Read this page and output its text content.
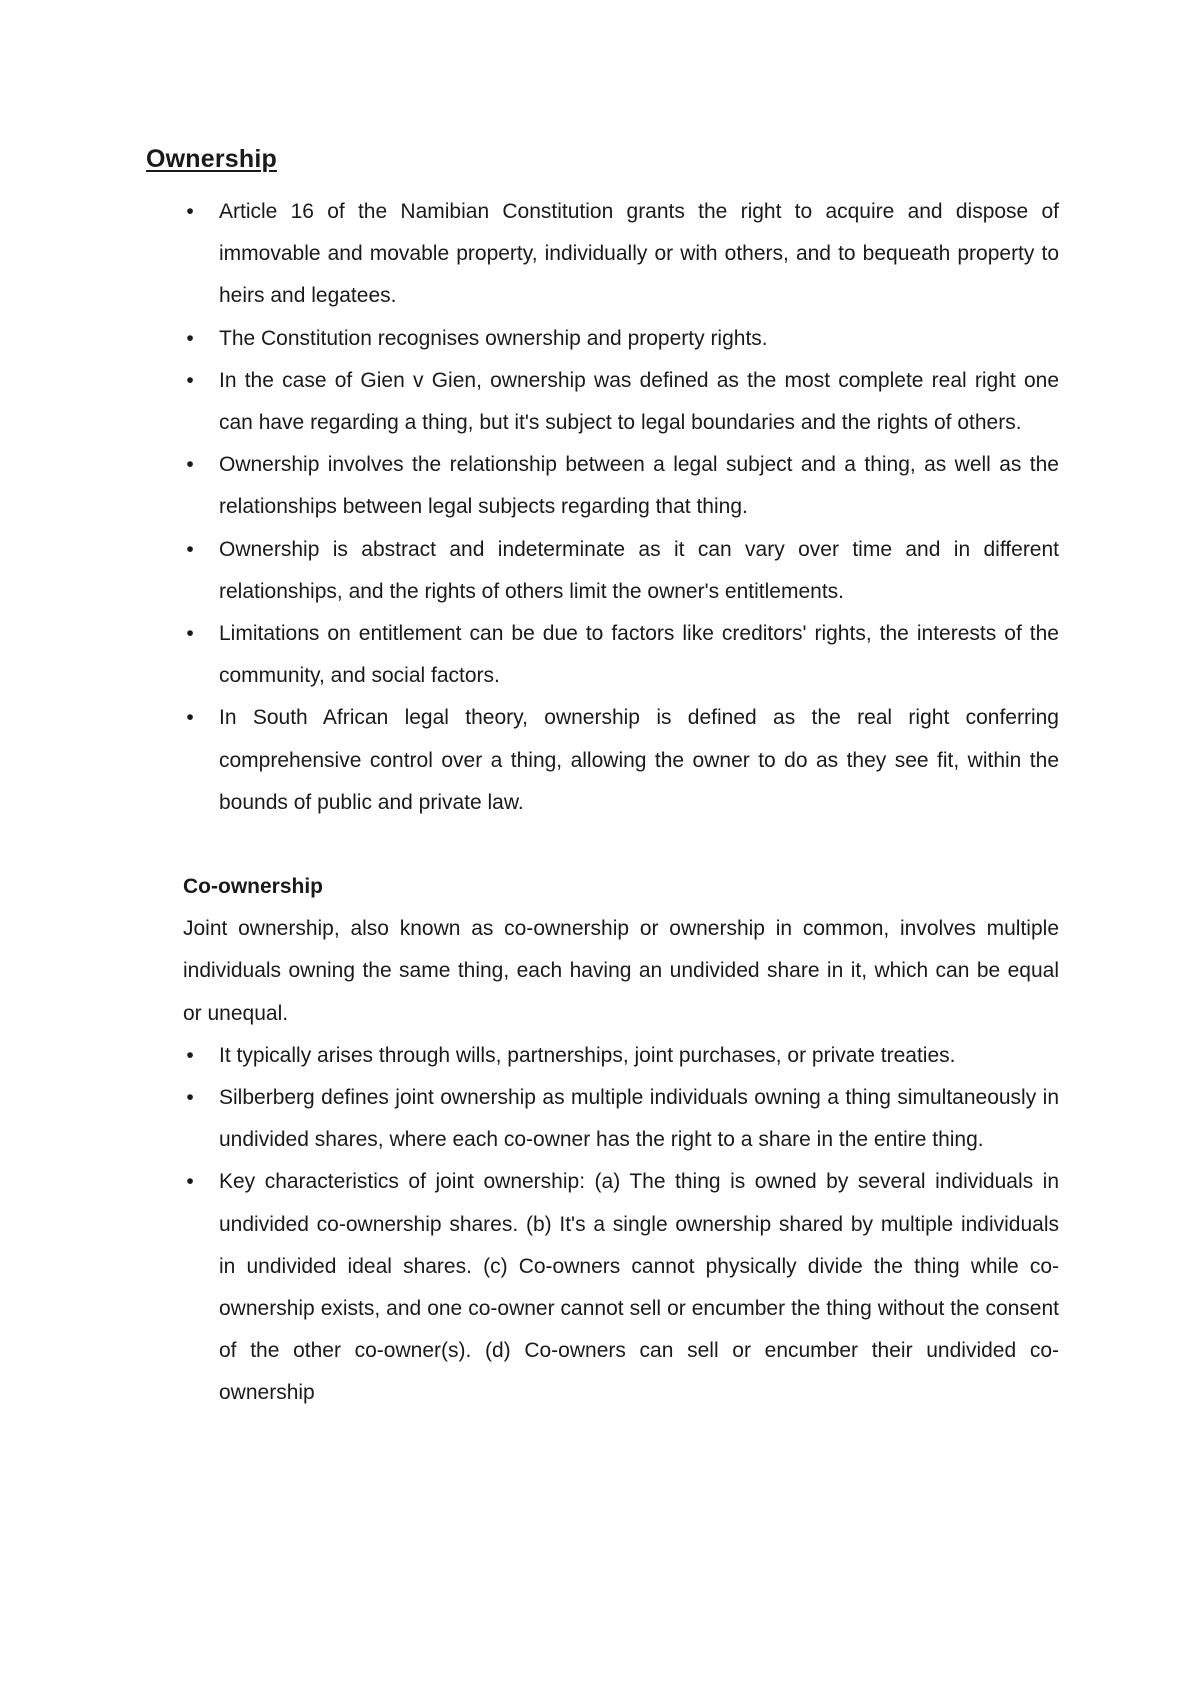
Ownership
• Article 16 of the Namibian Constitution grants the right to acquire and dispose of immovable and movable property, individually or with others, and to bequeath property to heirs and legatees.
• The Constitution recognises ownership and property rights.
• In the case of Gien v Gien, ownership was defined as the most complete real right one can have regarding a thing, but it's subject to legal boundaries and the rights of others.
• Ownership involves the relationship between a legal subject and a thing, as well as the relationships between legal subjects regarding that thing.
• Ownership is abstract and indeterminate as it can vary over time and in different relationships, and the rights of others limit the owner's entitlements.
• Limitations on entitlement can be due to factors like creditors' rights, the interests of the community, and social factors.
• In South African legal theory, ownership is defined as the real right conferring comprehensive control over a thing, allowing the owner to do as they see fit, within the bounds of public and private law.
Co-ownership
Joint ownership, also known as co-ownership or ownership in common, involves multiple individuals owning the same thing, each having an undivided share in it, which can be equal or unequal.
• It typically arises through wills, partnerships, joint purchases, or private treaties.
• Silberberg defines joint ownership as multiple individuals owning a thing simultaneously in undivided shares, where each co-owner has the right to a share in the entire thing.
• Key characteristics of joint ownership: (a) The thing is owned by several individuals in undivided co-ownership shares. (b) It's a single ownership shared by multiple individuals in undivided ideal shares. (c) Co-owners cannot physically divide the thing while co-ownership exists, and one co-owner cannot sell or encumber the thing without the consent of the other co-owner(s). (d) Co-owners can sell or encumber their undivided co-ownership
